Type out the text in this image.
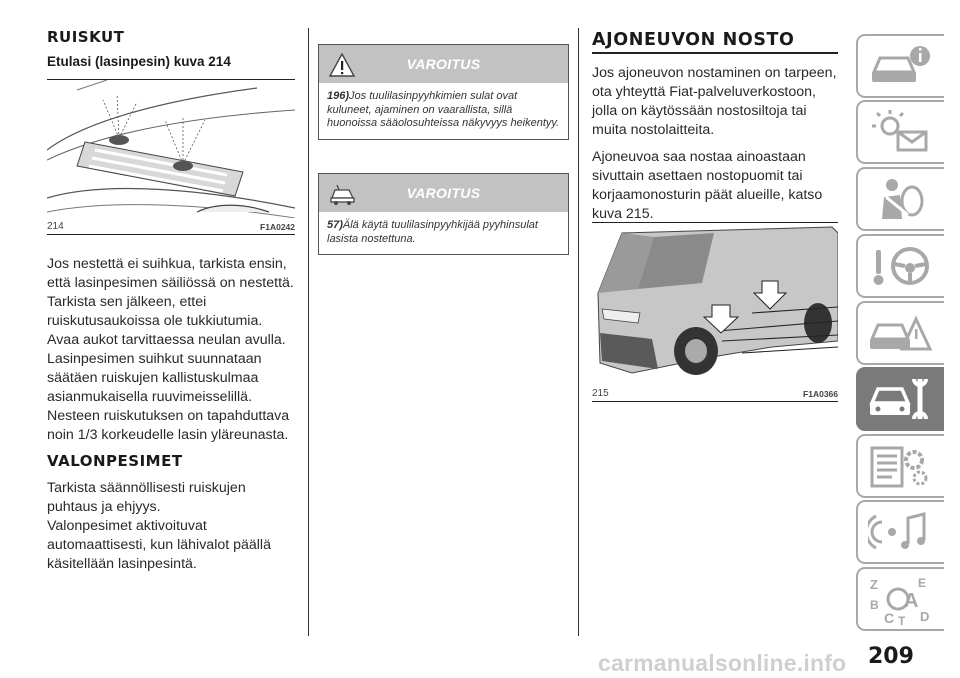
RUISKUT
Etulasi (lasinpesin) kuva 214
214	F1A0242

Jos nestettä ei suihkua, tarkista ensin, että lasinpesimen säiliössä on nestettä. Tarkista sen jälkeen, ettei ruiskutusaukoissa ole tukkiutumia. Avaa aukot tarvittaessa neulan avulla. Lasinpesimen suihkut suunnataan säätäen ruiskujen kallistuskulmaa asianmukaisella ruuvimeisselillä. Nesteen ruiskutuksen on tapahduttava noin 1/3 korkeudelle lasin yläreunasta.

VALONPESIMET

Tarkista säännöllisesti ruiskujen puhtaus ja ehjyys.

Valonpesimet aktivoituvat automaattisesti, kun lähivalot päällä käsitellään lasinpesintä.

VAROITUS
196)Jos tuulilasinpyyhkimien sulat ovat kuluneet, ajaminen on vaarallista, sillä huonoissa sääolosuhteissa näkyvyys heikentyy.
VAROITUS
57)Älä käytä tuulilasinpyyhkijää pyyhinsulat lasista nostettuna.
AJONEUVON NOSTO

Jos ajoneuvon nostaminen on tarpeen, ota yhteyttä Fiat-palveluverkostoon, jolla on käytössään nostosiltoja tai muita nostolaitteita.

Ajoneuvoa saa nostaa ainoastaan sivuttain asettaen nostopuomit tai korjaamonosturin päät alueille, katso kuva 215.

215	F1A0366
Z	E
A
B
C T D
carmanualsonline.info 209
